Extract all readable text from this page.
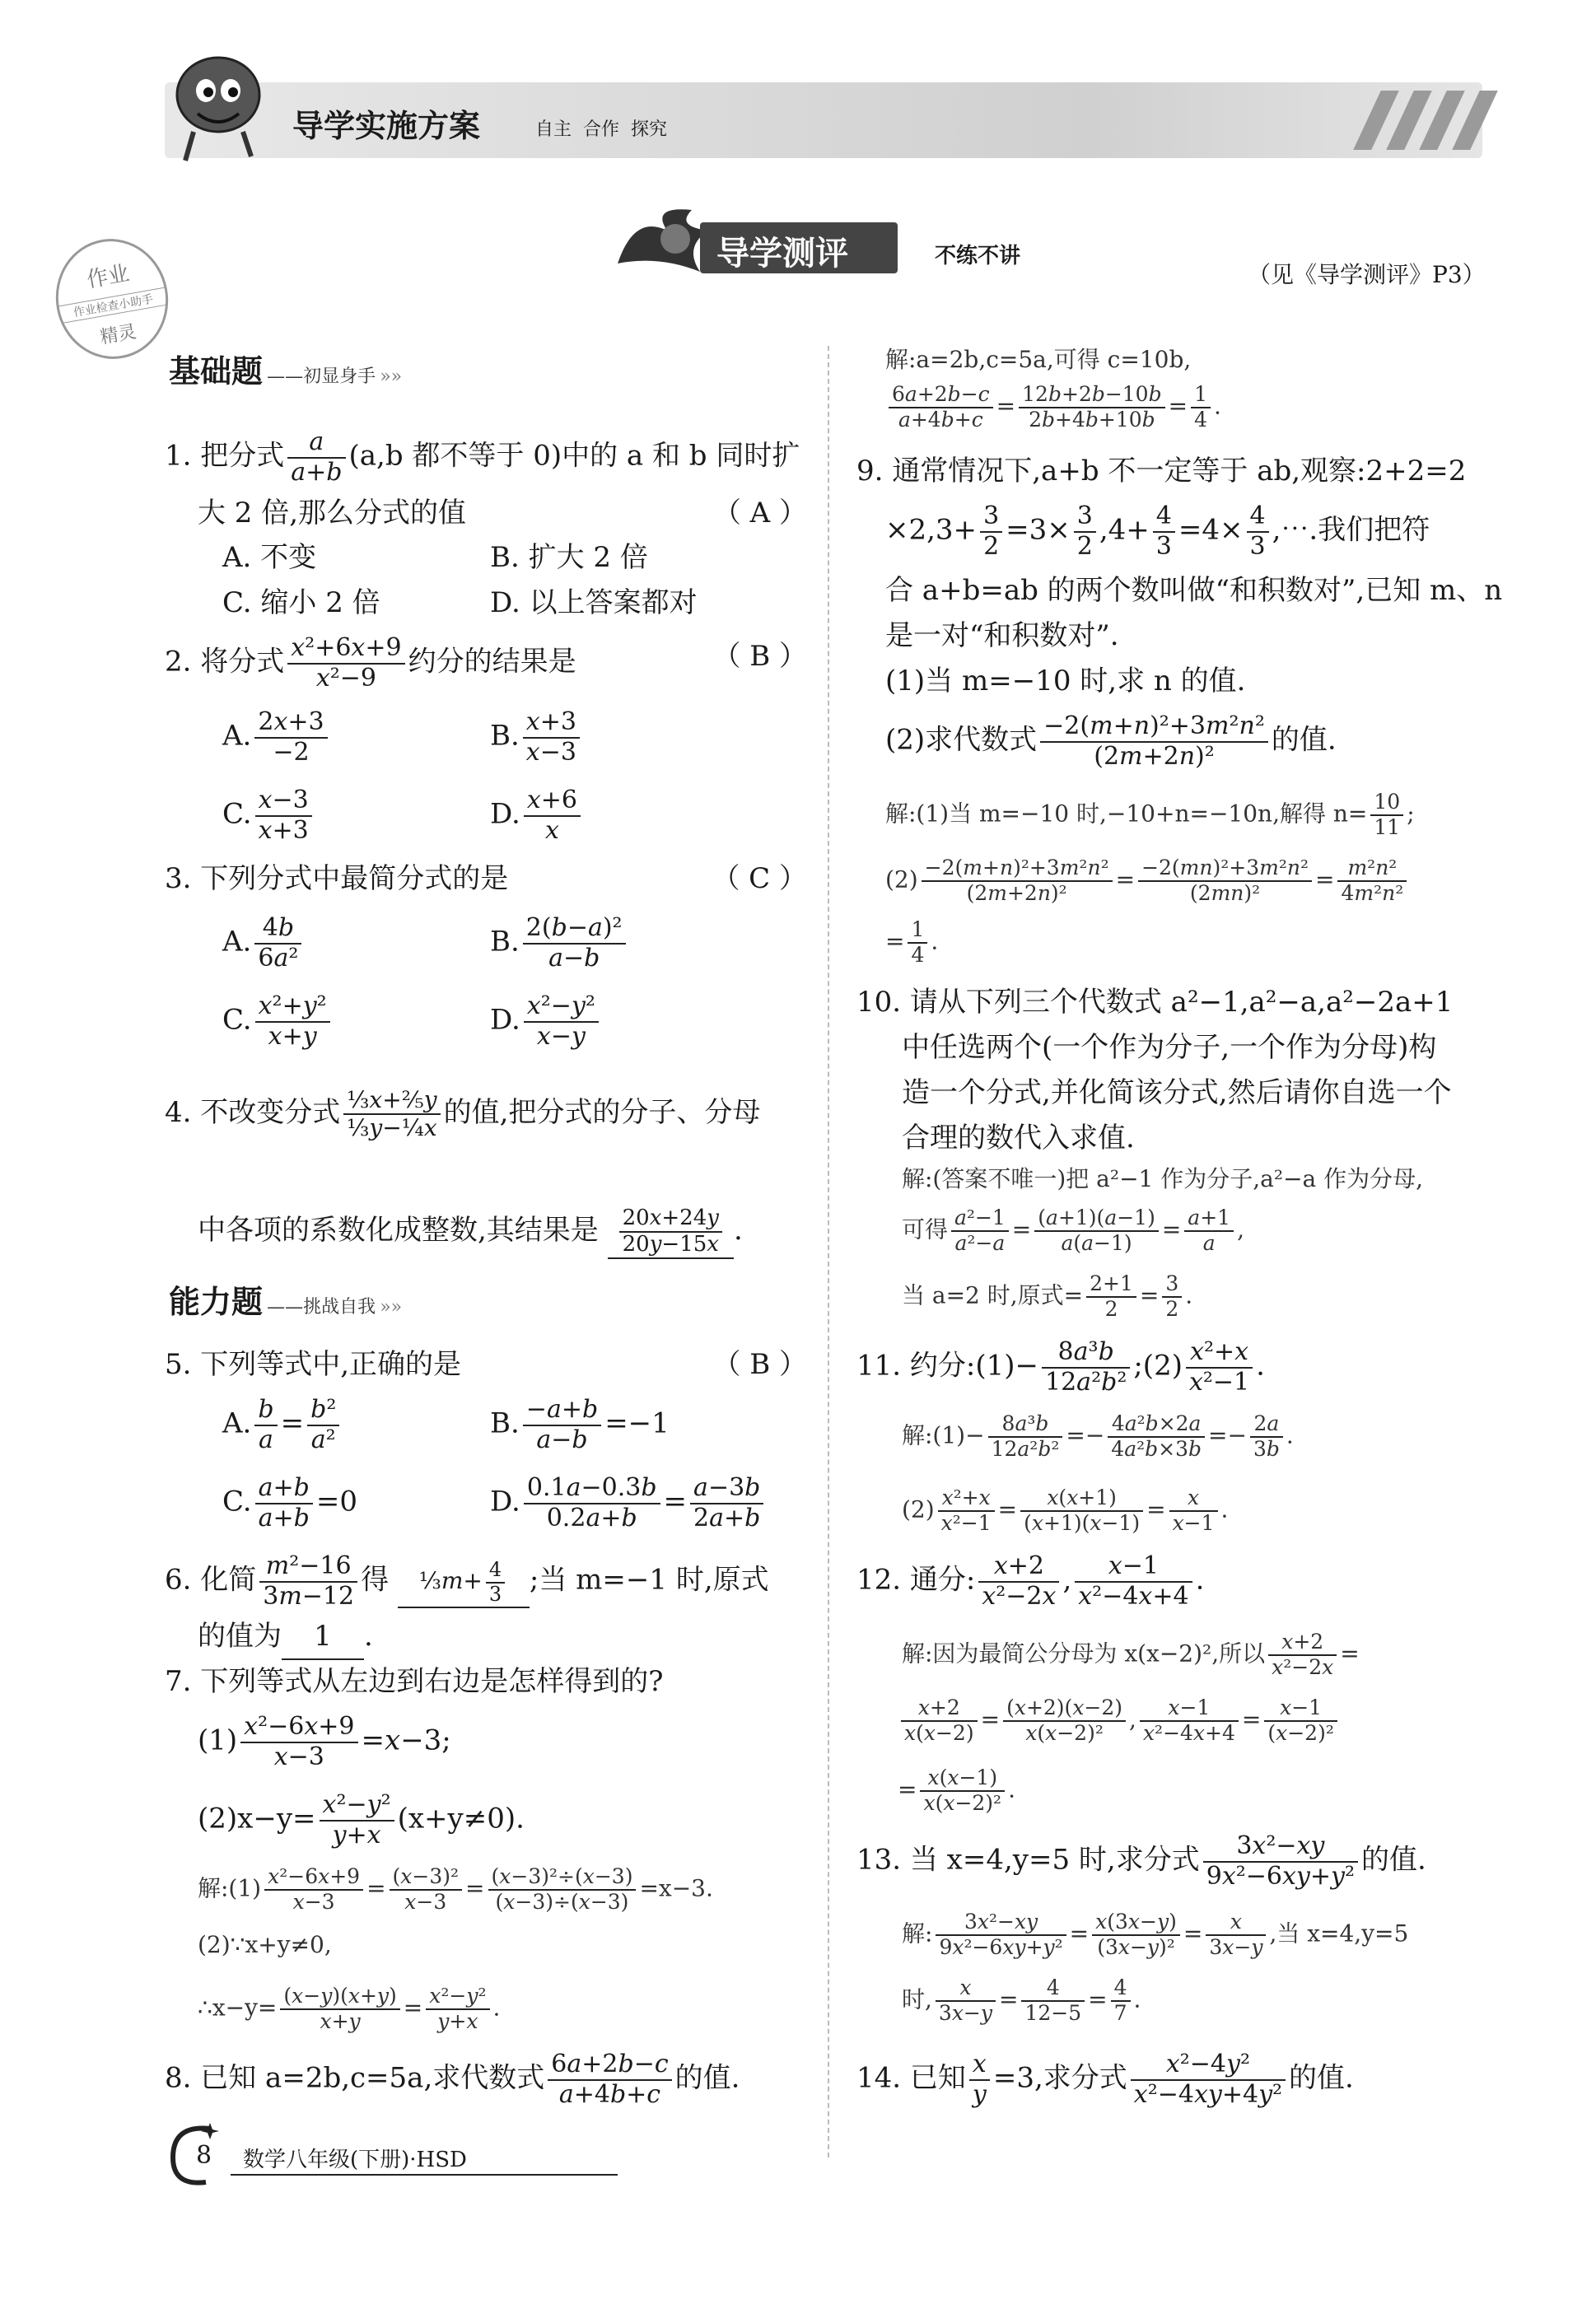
导学实施方案	自主  合作  探究
导学测评	不练不讲
（见《导学测评》P3）
作业
作业检查小助手
精灵
基础题 ——初显身手 »»
1. 把分式 $\frac{a}{a+b} (a,b$ 都不等于 0)中的 a 和 b 同时扩
大 2 倍,那么分式的值	（ A ）
A. 不变	B. 扩大 2 倍
C. 缩小 2 倍	D. 以上答案都对
2. 将分式 $\frac{\text{x²+6x+9}}{\text{x²−9}}$ 约分的结果是	（ B ）
A. $\frac{2x+3}{-2}$	B. $\frac{x+3}{x-3}$
C. $\frac{x-3}{x+3}$	D. $\frac{x+6}{x}$
3. 下列分式中最简分式的是	（ C ）
A. $\frac{4b}{\text{6a²}}$	B. $\frac{\text{2(b−a)²}}{a-b}$
C. $\frac{\text{x²+y²}}{x+y}$	D. $\frac{\text{x²−y²}}{x-y}$
4. 不改变分式 $\frac{\text{⅓x+⅖y}}{\text{⅓y−¼x}}$ 的值,把分式的分子、分母
中各项的系数化成整数,其结果是 $\frac{20x+24y}{20y-15x}$ .
能力题 ——挑战自我 »»
5. 下列等式中,正确的是	（ B ）
A. $\frac{b}{a} = \frac{\text{b²}}{\text{a²}}$	B. $\frac{-a+b}{a-b} =-1$
C. $\frac{a+b}{a+b} =0$	D. $\frac{0.1a-0.3b}{0.2a+b} = \frac{a-3b}{2a+b}$
6. 化简 $\frac{\text{m²−16}}{3m-12}$ 得 ⅓m+ $\frac{4}{3}$ ;当 m=−1 时,原式
的值为 1 .
7. 下列等式从左边到右边是怎样得到的?
$(1) \frac{\text{x²−6x+9}}{x-3} =x-3$;
$(2)x-y= \frac{\text{x²−y²}}{y+x} (x+y\ne 0)$.
解:(1) $\frac{\text{x²−6x+9}}{x-3} = \frac{\text{(x−3)²}}{x-3} = \frac{\text{(x−3)²÷(x−3)}}{(x-3)\div(x-3)} =x-3$.
(2)∵x+y≠0,
∴x−y= $\frac{(x-y)(x+y)}{x+y} = \frac{\text{x²−y²}}{y+x}$ .
8. 已知 a=2b,c=5a,求代数式 $\frac{6a+2b-c}{a+4b+c}$ 的值.
解:a=2b,c=5a,可得 c=10b,
$\frac{6a+2b-c}{a+4b+c} = \frac{12b+2b-10b}{2b+4b+10b} = \frac{1}{4}$ .
9. 通常情况下,a+b 不一定等于 ab,观察:2+2=2
$\times 2,3+ \frac{3}{2} =3\times \frac{3}{2} ,4+ \frac{4}{3} =4\times \frac{4}{3}$ ,⋯.我们把符
合 a+b=ab 的两个数叫做“和积数对”,已知 m、n
是一对“和积数对”.
(1)当 m=−10 时,求 n 的值.
(2)求代数式 $\frac{\text{−2(m+n)²+3m²n²}}{\text{(2m+2n)²}}$ 的值.
解:(1)当 m=−10 时,−10+n=−10n,解得 $n= \frac{10}{11}$ ;
$(2) \frac{\text{−2(m+n)²+3m²n²}}{\text{(2m+2n)²}} = \frac{\text{−2(mn)²+3m²n²}}{\text{(2mn)²}} = \frac{\text{m²n²}}{\text{4m²n²}}$
= $\frac{1}{4}$ .
10. 请从下列三个代数式 a²−1,a²−a,a²−2a+1
中任选两个(一个作为分子,一个作为分母)构
造一个分式,并化简该分式,然后请你自选一个
合理的数代入求值.
解:(答案不唯一)把 a²−1 作为分子,a²−a 作为分母,
可得 $\frac{\text{a²−1}}{\text{a²−a}} = \frac{(a+1)(a-1)}{a(a-1)} = \frac{a+1}{a}$ ,
当 a=2 时,原式= $\frac{2+1}{2} = \frac{3}{2}$ .
11. 约分:(1)− $\frac{\text{8a³b}}{\text{12a²b²}}$ ;(2) $\frac{\text{x²+x}}{\text{x²−1}}$ .
解:(1)− $\frac{\text{8a³b}}{\text{12a²b²}} =- \frac{\text{4a²b×2a}}{\text{4a²b×3b}} =- \frac{2a}{3b}$ .
$(2) \frac{\text{x²+x}}{\text{x²−1}} = \frac{x(x+1)}{(x+1)(x-1)} = \frac{x}{x-1}$ .
12. 通分: $\frac{x+2}{\text{x²−2x}}$ , $\frac{x-1}{\text{x²−4x+4}}$ .
解:因为最简公分母为 x(x−2)²,所以 $\frac{x+2}{\text{x²−2x}}$ =
$\frac{x+2}{x(x-2)} = \frac{(x+2)(x-2)}{\text{x(x−2)²}}$ , $\frac{x-1}{\text{x²−4x+4}} = \frac{x-1}{\text{(x−2)²}}$
= $\frac{x(x-1)}{\text{x(x−2)²}}$ .
13. 当 x=4,y=5 时,求分式 $\frac{\text{3x²−xy}}{\text{9x²−6xy+y²}}$ 的值.
解: $\frac{\text{3x²−xy}}{\text{9x²−6xy+y²}} = \frac{x(3x-y)}{\text{(3x−y)²}} = \frac{x}{3x-y}$ ,当 x=4,y=5
时, $\frac{x}{3x-y} = \frac{4}{12-5} = \frac{4}{7}$ .
14. 已知 $\frac{x}{y} =3$,求分式 $\frac{\text{x²−4y²}}{\text{x²−4xy+4y²}}$ 的值.
8 数学八年级(下册)·HSD
